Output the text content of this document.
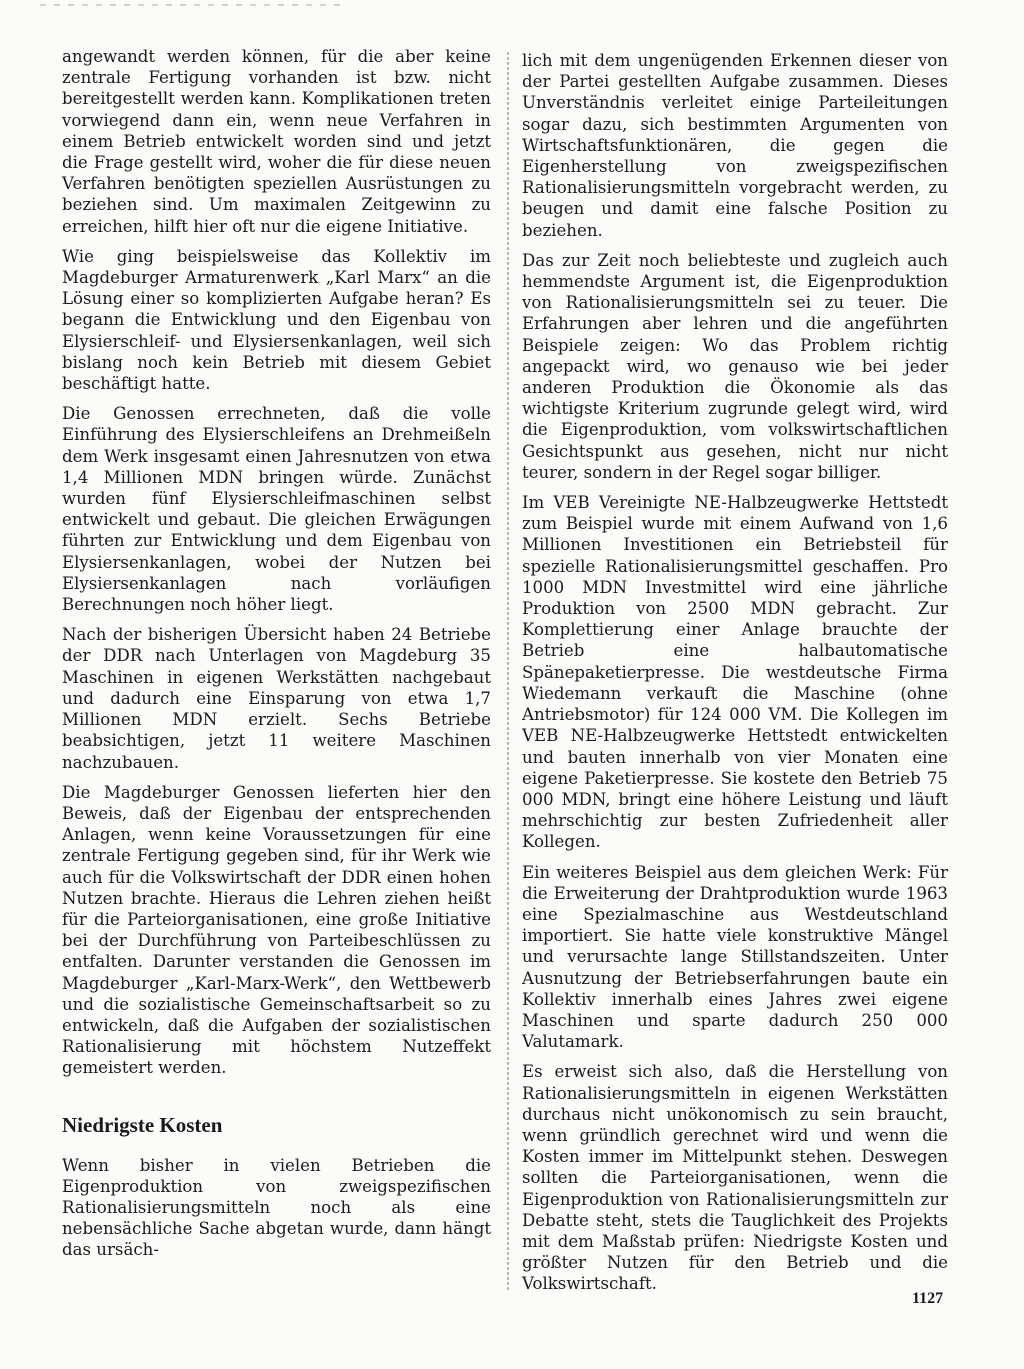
angewandt werden können, für die aber keine zentrale Fertigung vorhanden ist bzw. nicht bereitgestellt werden kann. Komplikationen treten vorwiegend dann ein, wenn neue Verfahren in einem Betrieb entwickelt worden sind und jetzt die Frage gestellt wird, woher die für diese neuen Verfahren benötigten speziellen Ausrüstungen zu beziehen sind. Um maximalen Zeitgewinn zu erreichen, hilft hier oft nur die eigene Initiative.

Wie ging beispielsweise das Kollektiv im Magdeburger Armaturenwerk „Karl Marx“ an die Lösung einer so komplizierten Aufgabe heran? Es begann die Entwicklung und den Eigenbau von Elysierschleif- und Elysiersenkanlagen, weil sich bislang noch kein Betrieb mit diesem Gebiet beschäftigt hatte.

Die Genossen errechneten, daß die volle Einführung des Elysierschleifens an Drehmeißeln dem Werk insgesamt einen Jahresnutzen von etwa 1,4 Millionen MDN bringen würde. Zunächst wurden fünf Elysierschleifmaschinen selbst entwickelt und gebaut. Die gleichen Erwägungen führten zur Entwicklung und dem Eigenbau von Elysiersenkanlagen, wobei der Nutzen bei Elysiersenkanlagen nach vorläufigen Berechnungen noch höher liegt.

Nach der bisherigen Übersicht haben 24 Betriebe der DDR nach Unterlagen von Magdeburg 35 Maschinen in eigenen Werkstätten nachgebaut und dadurch eine Einsparung von etwa 1,7 Millionen MDN erzielt. Sechs Betriebe beabsichtigen, jetzt 11 weitere Maschinen nachzubauen.

Die Magdeburger Genossen lieferten hier den Beweis, daß der Eigenbau der entsprechenden Anlagen, wenn keine Voraussetzungen für eine zentrale Fertigung gegeben sind, für ihr Werk wie auch für die Volkswirtschaft der DDR einen hohen Nutzen brachte. Hieraus die Lehren ziehen heißt für die Parteiorganisationen, eine große Initiative bei der Durchführung von Parteibeschlüssen zu entfalten. Darunter verstanden die Genossen im Magdeburger „Karl-Marx-Werk“, den Wettbewerb und die sozialistische Gemeinschaftsarbeit so zu entwickeln, daß die Aufgaben der sozialistischen Rationalisierung mit höchstem Nutzeffekt gemeistert werden.

Niedrigste Kosten

Wenn bisher in vielen Betrieben die Eigenproduktion von zweigspezifischen Rationalisierungsmitteln noch als eine nebensächliche Sache abgetan wurde, dann hängt das ursäch-

lich mit dem ungenügenden Erkennen dieser von der Partei gestellten Aufgabe zusammen. Dieses Unverständnis verleitet einige Parteileitungen sogar dazu, sich bestimmten Argumenten von Wirtschaftsfunktionären, die gegen die Eigenherstellung von zweigspezifischen Rationalisierungsmitteln vorgebracht werden, zu beugen und damit eine falsche Position zu beziehen.

Das zur Zeit noch beliebteste und zugleich auch hemmendste Argument ist, die Eigenproduktion von Rationalisierungsmitteln sei zu teuer. Die Erfahrungen aber lehren und die angeführten Beispiele zeigen: Wo das Problem richtig angepackt wird, wo genauso wie bei jeder anderen Produktion die Ökonomie als das wichtigste Kriterium zugrunde gelegt wird, wird die Eigenproduktion, vom volkswirtschaftlichen Gesichtspunkt aus gesehen, nicht nur nicht teurer, sondern in der Regel sogar billiger.

Im VEB Vereinigte NE-Halbzeugwerke Hettstedt zum Beispiel wurde mit einem Aufwand von 1,6 Millionen Investitionen ein Betriebsteil für spezielle Rationalisierungsmittel geschaffen. Pro 1000 MDN Investmittel wird eine jährliche Produktion von 2500 MDN gebracht. Zur Komplettierung einer Anlage brauchte der Betrieb eine halbautomatische Spänepaketierpresse. Die westdeutsche Firma Wiedemann verkauft die Maschine (ohne Antriebsmotor) für 124 000 VM. Die Kollegen im VEB NE-Halbzeugwerke Hettstedt entwickelten und bauten innerhalb von vier Monaten eine eigene Paketierpresse. Sie kostete den Betrieb 75 000 MDN, bringt eine höhere Leistung und läuft mehrschichtig zur besten Zufriedenheit aller Kollegen.

Ein weiteres Beispiel aus dem gleichen Werk: Für die Erweiterung der Drahtproduktion wurde 1963 eine Spezialmaschine aus Westdeutschland importiert. Sie hatte viele konstruktive Mängel und verursachte lange Stillstandszeiten. Unter Ausnutzung der Betriebserfahrungen baute ein Kollektiv innerhalb eines Jahres zwei eigene Maschinen und sparte dadurch 250 000 Valutamark.

Es erweist sich also, daß die Herstellung von Rationalisierungsmitteln in eigenen Werkstätten durchaus nicht unökonomisch zu sein braucht, wenn gründlich gerechnet wird und wenn die Kosten immer im Mittelpunkt stehen. Deswegen sollten die Parteiorganisationen, wenn die Eigenproduktion von Rationalisierungsmitteln zur Debatte steht, stets die Tauglichkeit des Projekts mit dem Maßstab prüfen: Niedrigste Kosten und größter Nutzen für den Betrieb und die Volkswirtschaft.

1127
